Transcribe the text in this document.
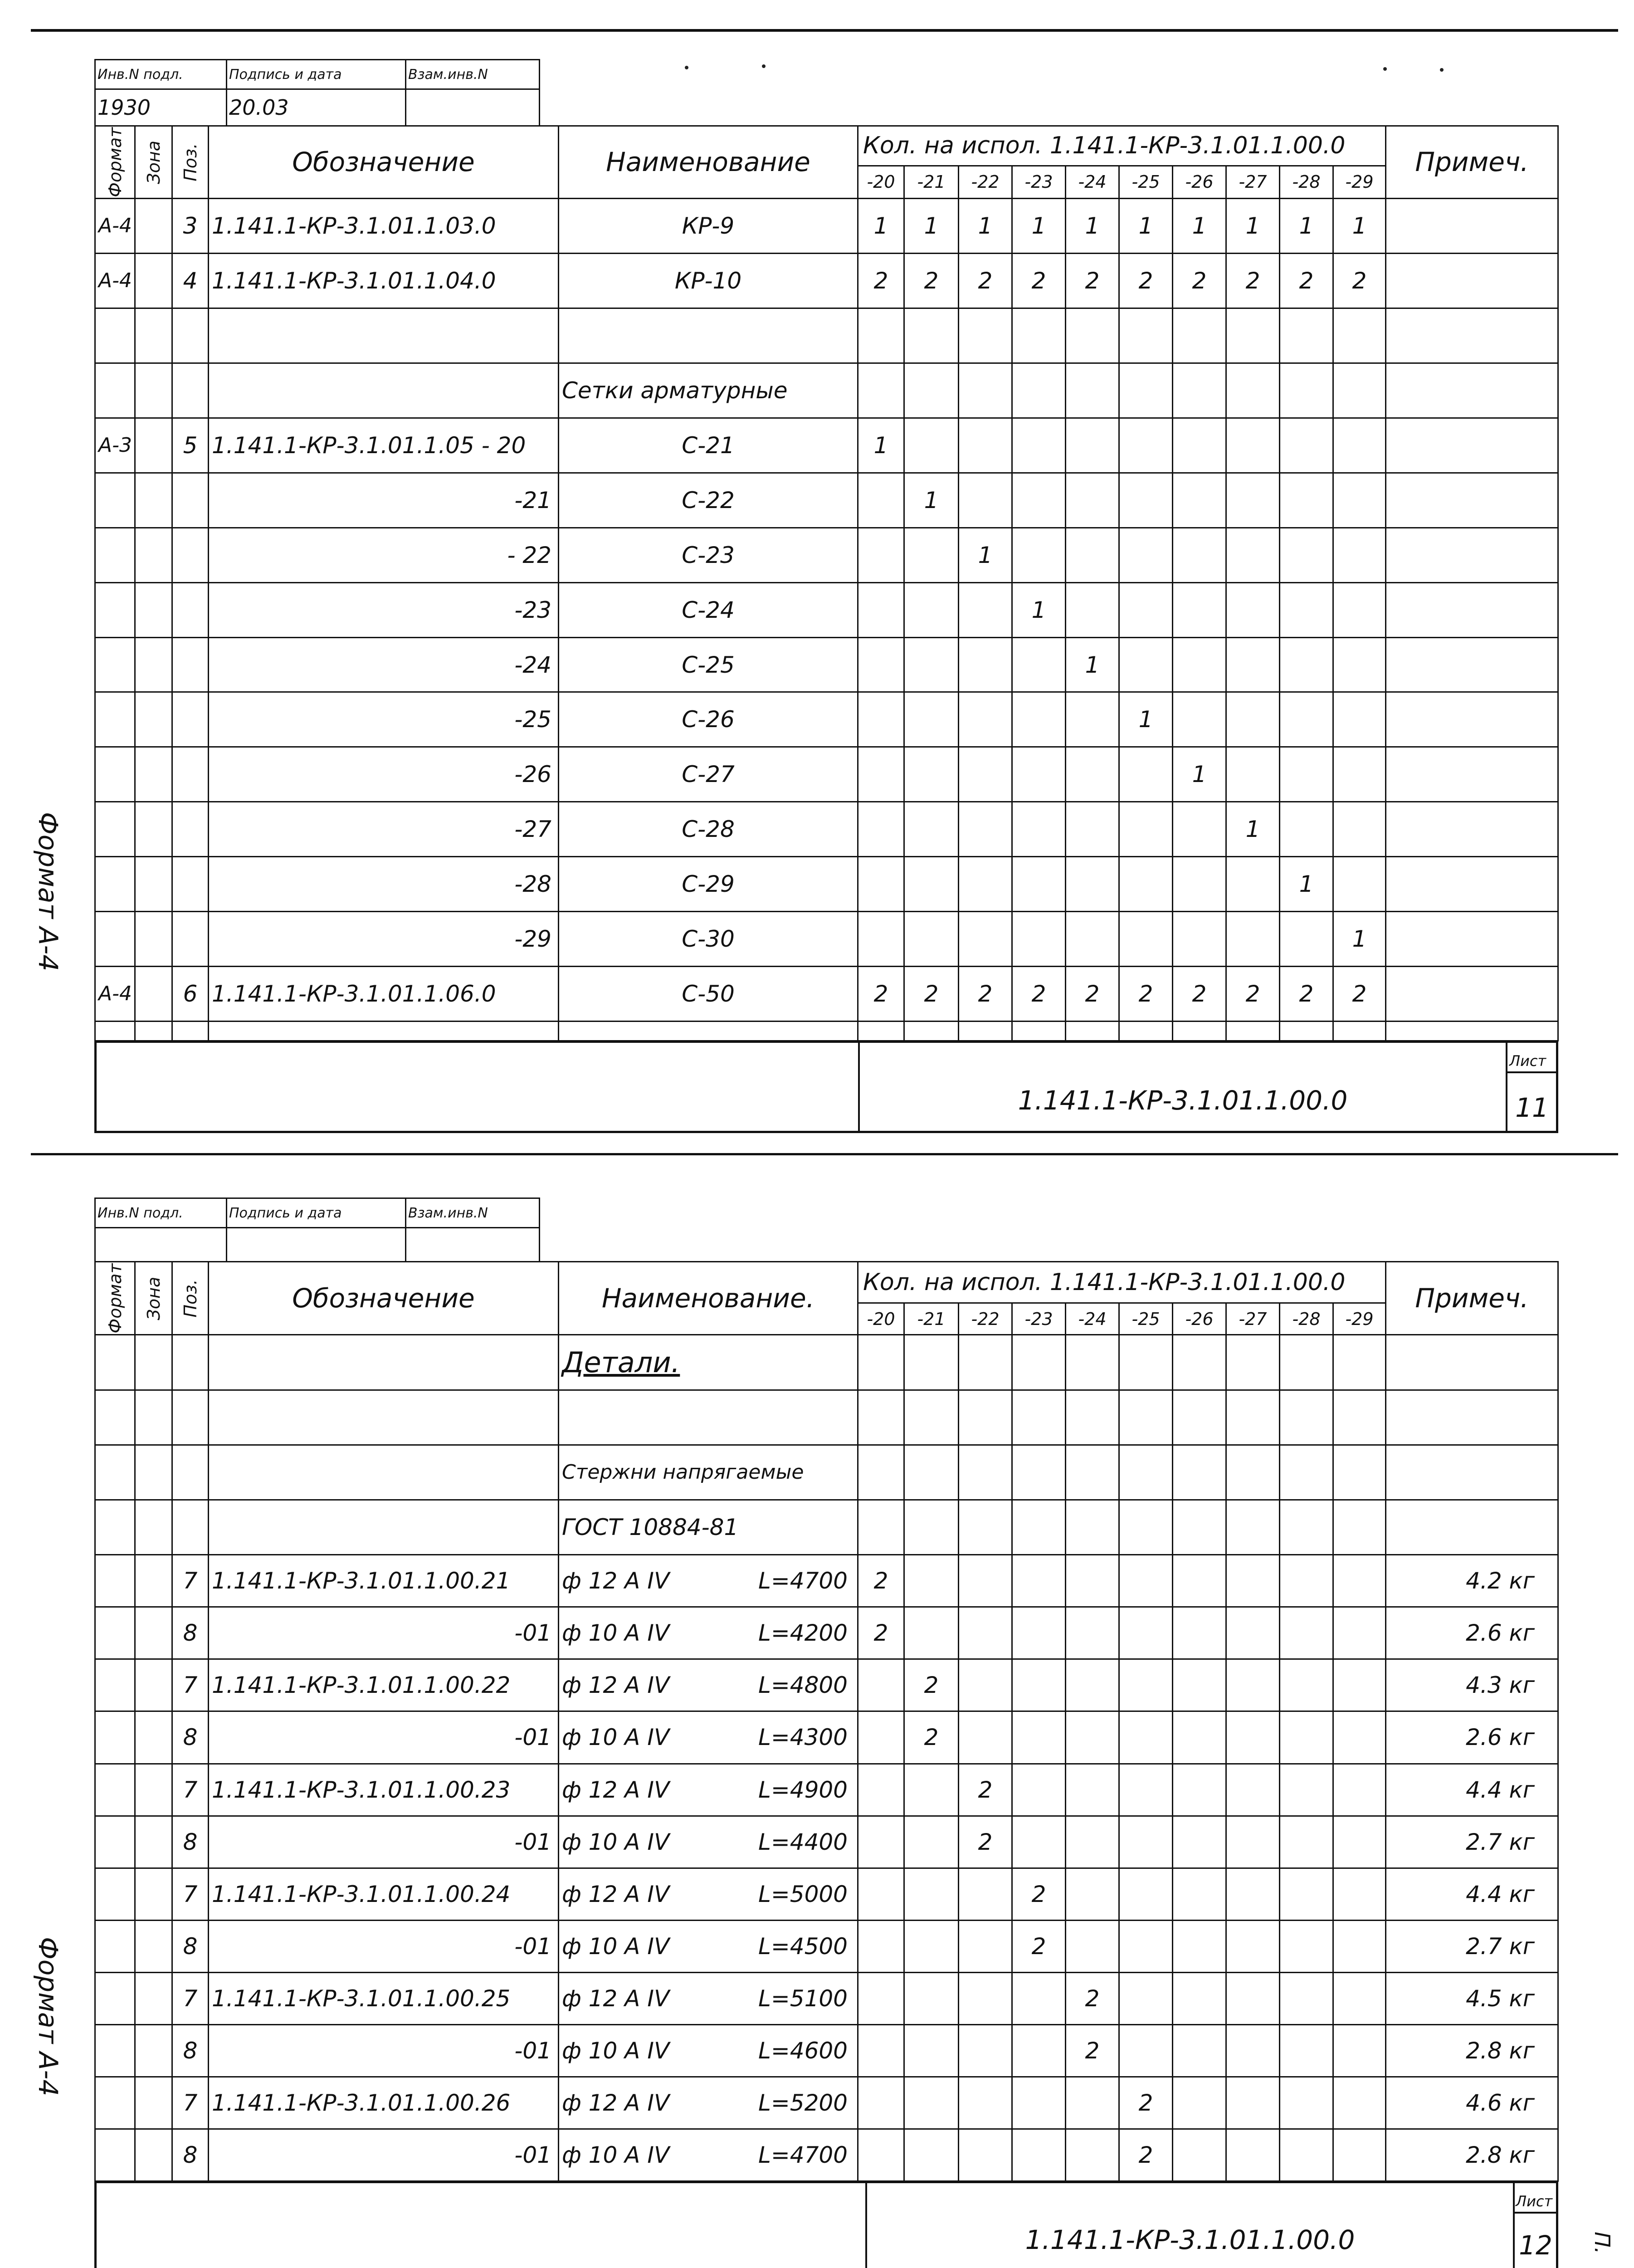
Инв.N подл.	Подпись и дата	Взам.инв.N
1930	20.03	
Формат	Зона	Поз.	Обозначение	Наименование	Кол. на испол. 1.141.1-КР-3.1.01.1.00.0										Примеч.
					-20	-21	-22	-23	-24	-25	-26	-27	-28	-29	
А-4		3	1.141.1-КР-3.1.01.1.03.0	КР-9	1	1	1	1	1	1	1	1	1	1	
А-4		4	1.141.1-КР-3.1.01.1.04.0	КР-10	2	2	2	2	2	2	2	2	2	2	

				Сетки арматурные											
А-3		5	1.141.1-КР-3.1.01.1.05 - 20	С-21	1										
			-21	С-22		1									
			- 22	С-23			1								
			-23	С-24				1							
			-24	С-25					1						
			-25	С-26						1					
			-26	С-27							1				
			-27	С-28								1			
			-28	С-29									1		
			-29	С-30										1	
А-4		6	1.141.1-КР-3.1.01.1.06.0	С-50	2	2	2	2	2	2	2	2	2	2	

1.141.1-КР-3.1.01.1.00.0
Лист
11
Формат А-4
Инв.N подл.	Подпись и дата	Взам.инв.N

Формат	Зона	Поз.	Обозначение	Наименование.	Кол. на испол. 1.141.1-КР-3.1.01.1.00.0										Примеч.
					-20	-21	-22	-23	-24	-25	-26	-27	-28	-29	
				Детали.											

				Стержни напрягаемые											
				ГОСТ 10884-81											
		7	1.141.1-КР-3.1.01.1.00.21	ф 12 А IV L=4700	2										4.2 кг
		8	-01	ф 10 А IV L=4200	2										2.6 кг
		7	1.141.1-КР-3.1.01.1.00.22	ф 12 А IV L=4800		2									4.3 кг
		8	-01	ф 10 А IV L=4300		2									2.6 кг
		7	1.141.1-КР-3.1.01.1.00.23	ф 12 А IV L=4900			2								4.4 кг
		8	-01	ф 10 А IV L=4400			2								2.7 кг
		7	1.141.1-КР-3.1.01.1.00.24	ф 12 А IV L=5000				2							4.4 кг
		8	-01	ф 10 А IV L=4500				2							2.7 кг
		7	1.141.1-КР-3.1.01.1.00.25	ф 12 А IV L=5100					2						4.5 кг
		8	-01	ф 10 А IV L=4600					2						2.8 кг
		7	1.141.1-КР-3.1.01.1.00.26	ф 12 А IV L=5200						2					4.6 кг
		8	-01	ф 10 А IV L=4700						2					2.8 кг
1.141.1-КР-3.1.01.1.00.0
Лист
12
Формат А-4
П.
